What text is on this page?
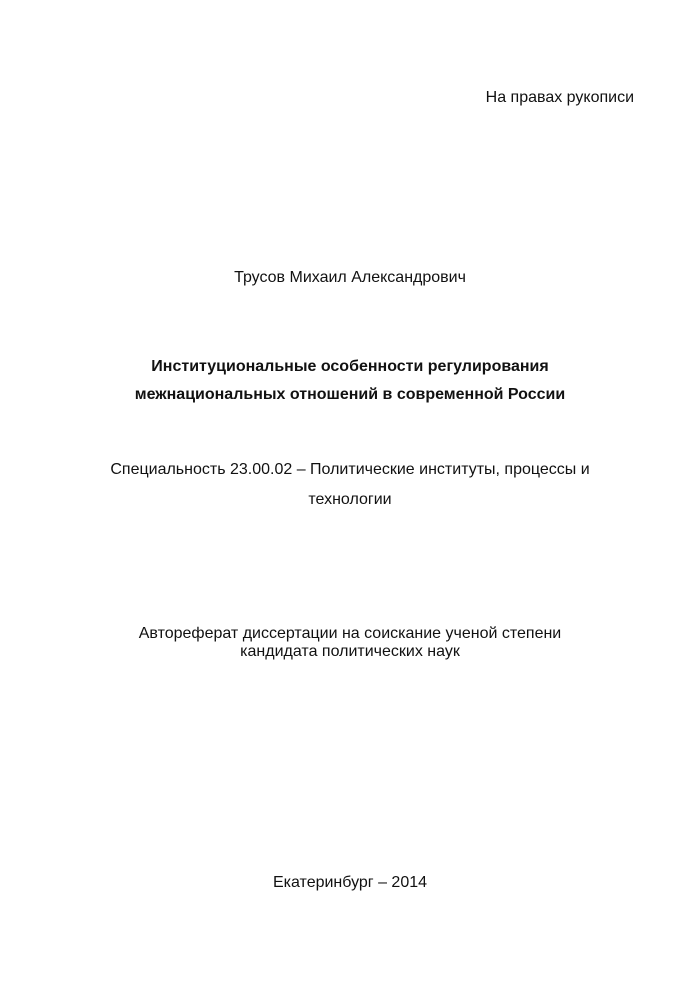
На правах рукописи
Трусов Михаил Александрович
Институциональные особенности регулирования
межнациональных отношений в современной России
Специальность 23.00.02 – Политические институты, процессы и
технологии
Автореферат диссертации на соискание ученой степени
кандидата политических наук
Екатеринбург – 2014
